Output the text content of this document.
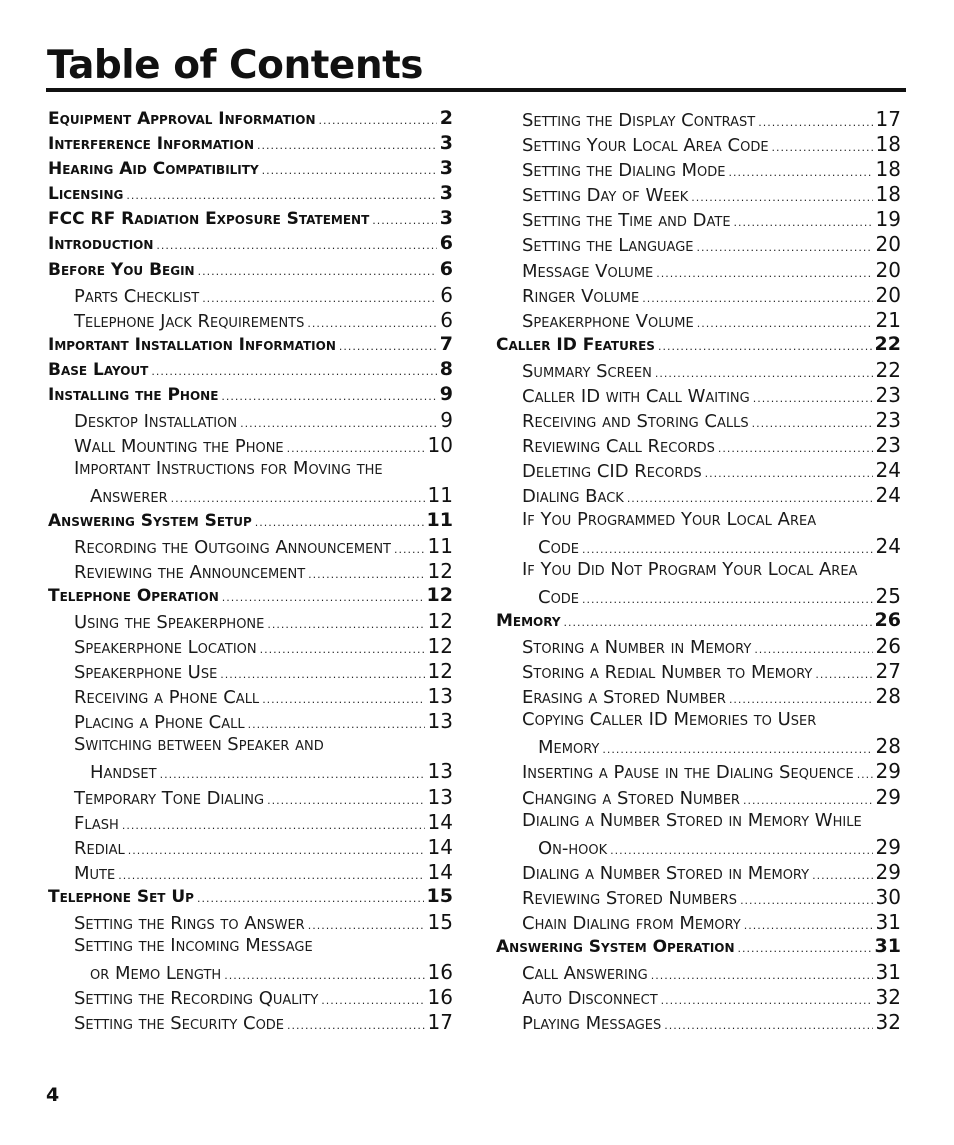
Table of Contents
Equipment Approval Information .....	2
Interference Information .....	3
Hearing Aid Compatibility .....	3
Licensing .....	3
FCC RF Radiation Exposure Statement .....	3
Introduction .....	6
Before You Begin .....	6
Parts Checklist .....	6
Telephone Jack Requirements .....	6
Important Installation Information .....	7
Base Layout .....	8
Installing the Phone .....	9
Desktop Installation .....	9
Wall Mounting the Phone .....	10
Important Instructions for Moving the
Answerer .....	11
Answering System Setup .....	11
Recording the Outgoing Announcement ..... 11
Reviewing the Announcement .....	12
Telephone Operation .....	12
Using the Speakerphone .....	12
Speakerphone Location .....	12
Speakerphone Use .....	12
Receiving a Phone Call .....	13
Placing a Phone Call .....	13
Switching between Speaker and
Handset .....	13
Temporary Tone Dialing .....	13
Flash .....	14
Redial .....	14
Mute .....	14
Telephone Set Up .....	15
Setting the Rings to Answer .....	15
Setting the Incoming Message
or Memo Length .....	16
Setting the Recording Quality .....	16
Setting the Security Code .....	17
Setting the Display Contrast .....	17
Setting Your Local Area Code .....	18
Setting the Dialing Mode .....	18
Setting Day of Week .....	18
Setting the Time and Date .....	19
Setting the Language .....	20
Message Volume .....	20
Ringer Volume .....	20
Speakerphone Volume .....	21
Caller ID Features .....	22
Summary Screen .....	22
Caller ID with Call Waiting .....	23
Receiving and Storing Calls .....	23
Reviewing Call Records .....	23
Deleting CID Records .....	24
Dialing Back .....	24
If You Programmed Your Local Area
Code .....	24
If You Did Not Program Your Local Area
Code .....	25
Memory .....	26
Storing a Number in Memory .....	26
Storing a Redial Number to Memory .....	27
Erasing a Stored Number .....	28
Copying Caller ID Memories to User
Memory .....	28
Inserting a Pause in the Dialing Sequence ..... 29
Changing a Stored Number .....	29
Dialing a Number Stored in Memory While
On-hook .....	29
Dialing a Number Stored in Memory .....	29
Reviewing Stored Numbers .....	30
Chain Dialing from Memory .....	31
Answering System Operation .....	31
Call Answering .....	31
Auto Disconnect .....	32
Playing Messages .....	32
4
